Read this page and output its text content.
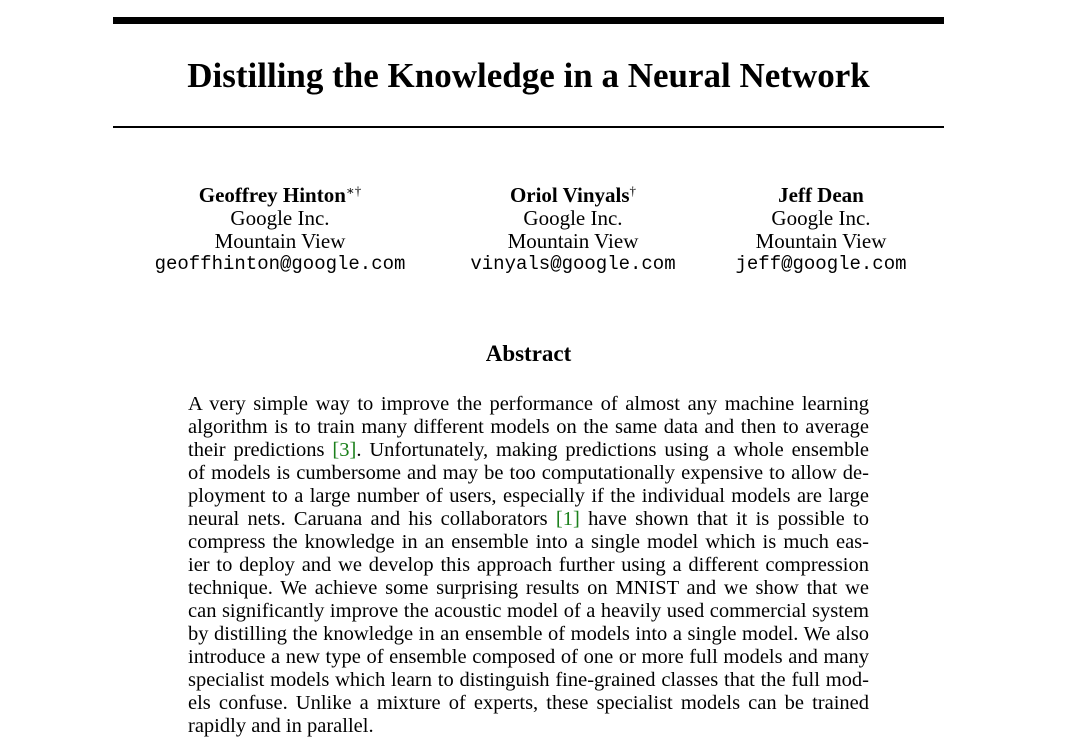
Distilling the Knowledge in a Neural Network
Geoffrey Hinton∗†
Google Inc.
Mountain View
geoffhinton@google.com
Oriol Vinyals†
Google Inc.
Mountain View
vinyals@google.com
Jeff Dean
Google Inc.
Mountain View
jeff@google.com
Abstract
A very simple way to improve the performance of almost any machine learning
algorithm is to train many different models on the same data and then to average
their predictions [3]. Unfortunately, making predictions using a whole ensemble
of models is cumbersome and may be too computationally expensive to allow de-
ployment to a large number of users, especially if the individual models are large
neural nets. Caruana and his collaborators [1] have shown that it is possible to
compress the knowledge in an ensemble into a single model which is much eas-
ier to deploy and we develop this approach further using a different compression
technique. We achieve some surprising results on MNIST and we show that we
can significantly improve the acoustic model of a heavily used commercial system
by distilling the knowledge in an ensemble of models into a single model. We also
introduce a new type of ensemble composed of one or more full models and many
specialist models which learn to distinguish fine-grained classes that the full mod-
els confuse. Unlike a mixture of experts, these specialist models can be trained
rapidly and in parallel.
